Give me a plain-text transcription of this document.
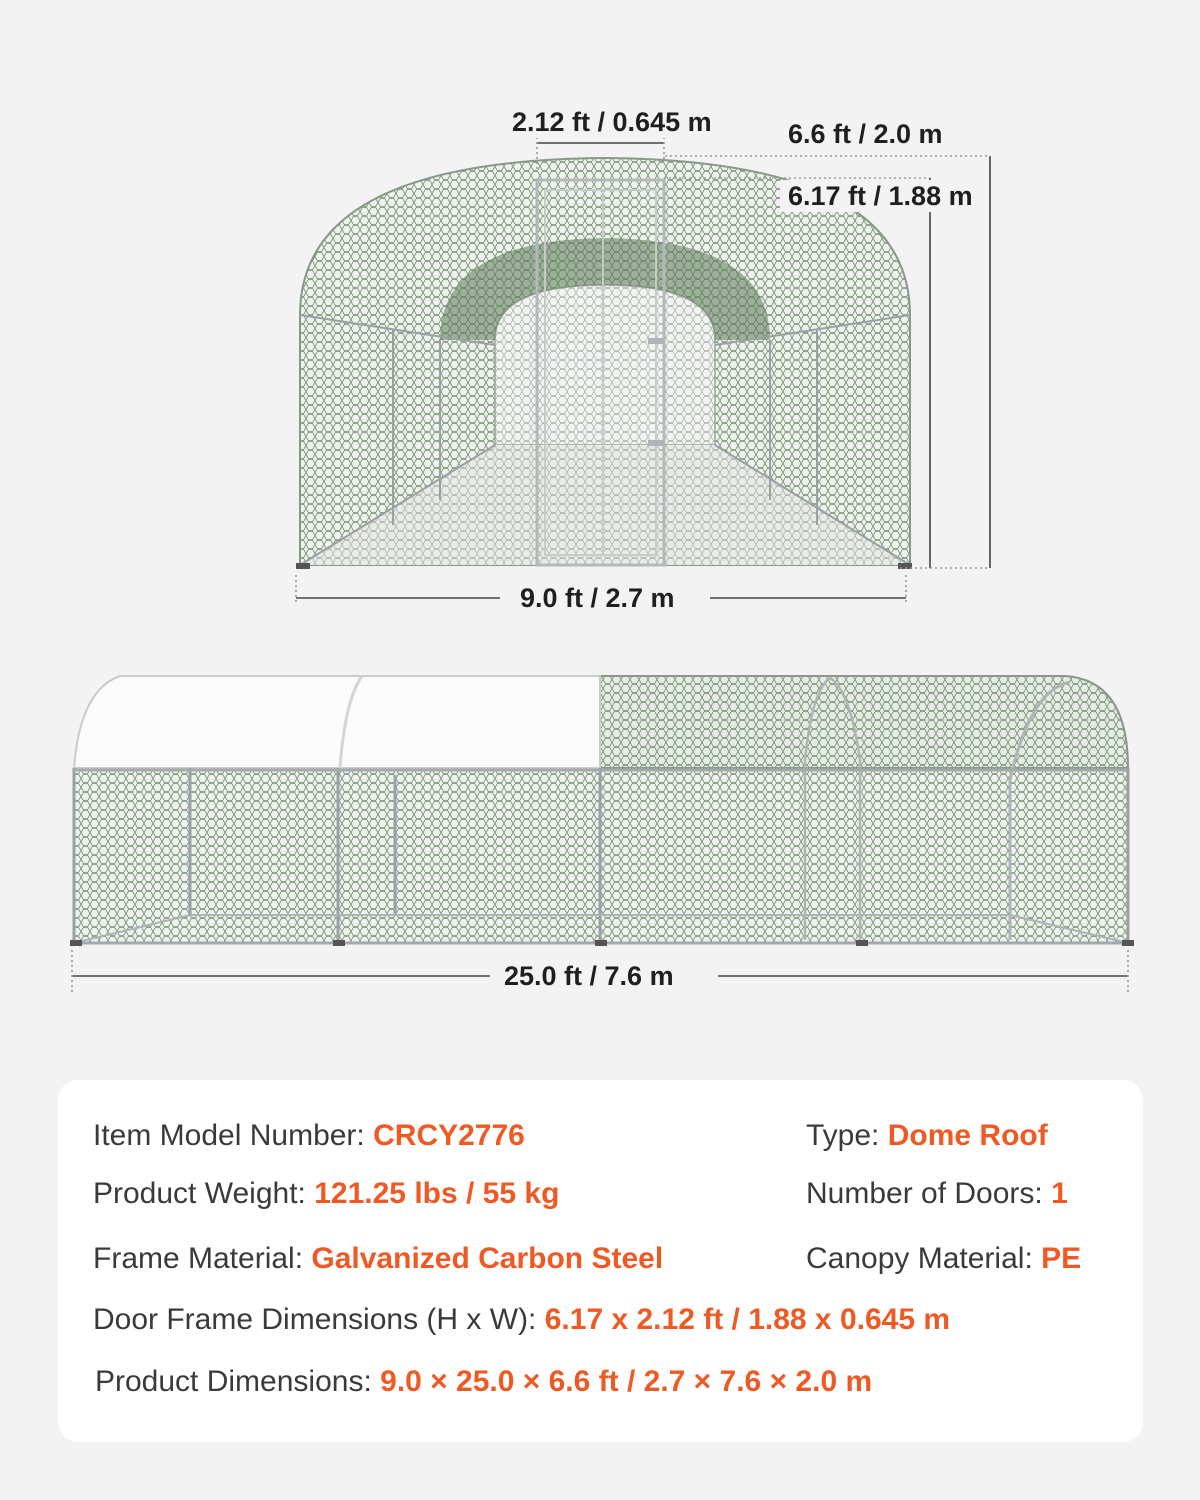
2.12 ft / 0.645 m	6.6 ft / 2.0 m
6.17 ft / 1.88 m
9.0 ft / 2.7 m
25.0 ft / 7.6 m
Item Model Number: CRCY2776	Type: Dome Roof
Product Weight: 121.25 lbs / 55 kg	Number of Doors: 1
Frame Material: Galvanized Carbon Steel	Canopy Material: PE
Door Frame Dimensions (H x W): 6.17 x 2.12 ft / 1.88 x 0.645 m
Product Dimensions: 9.0 × 25.0 × 6.6 ft / 2.7 × 7.6 × 2.0 m
